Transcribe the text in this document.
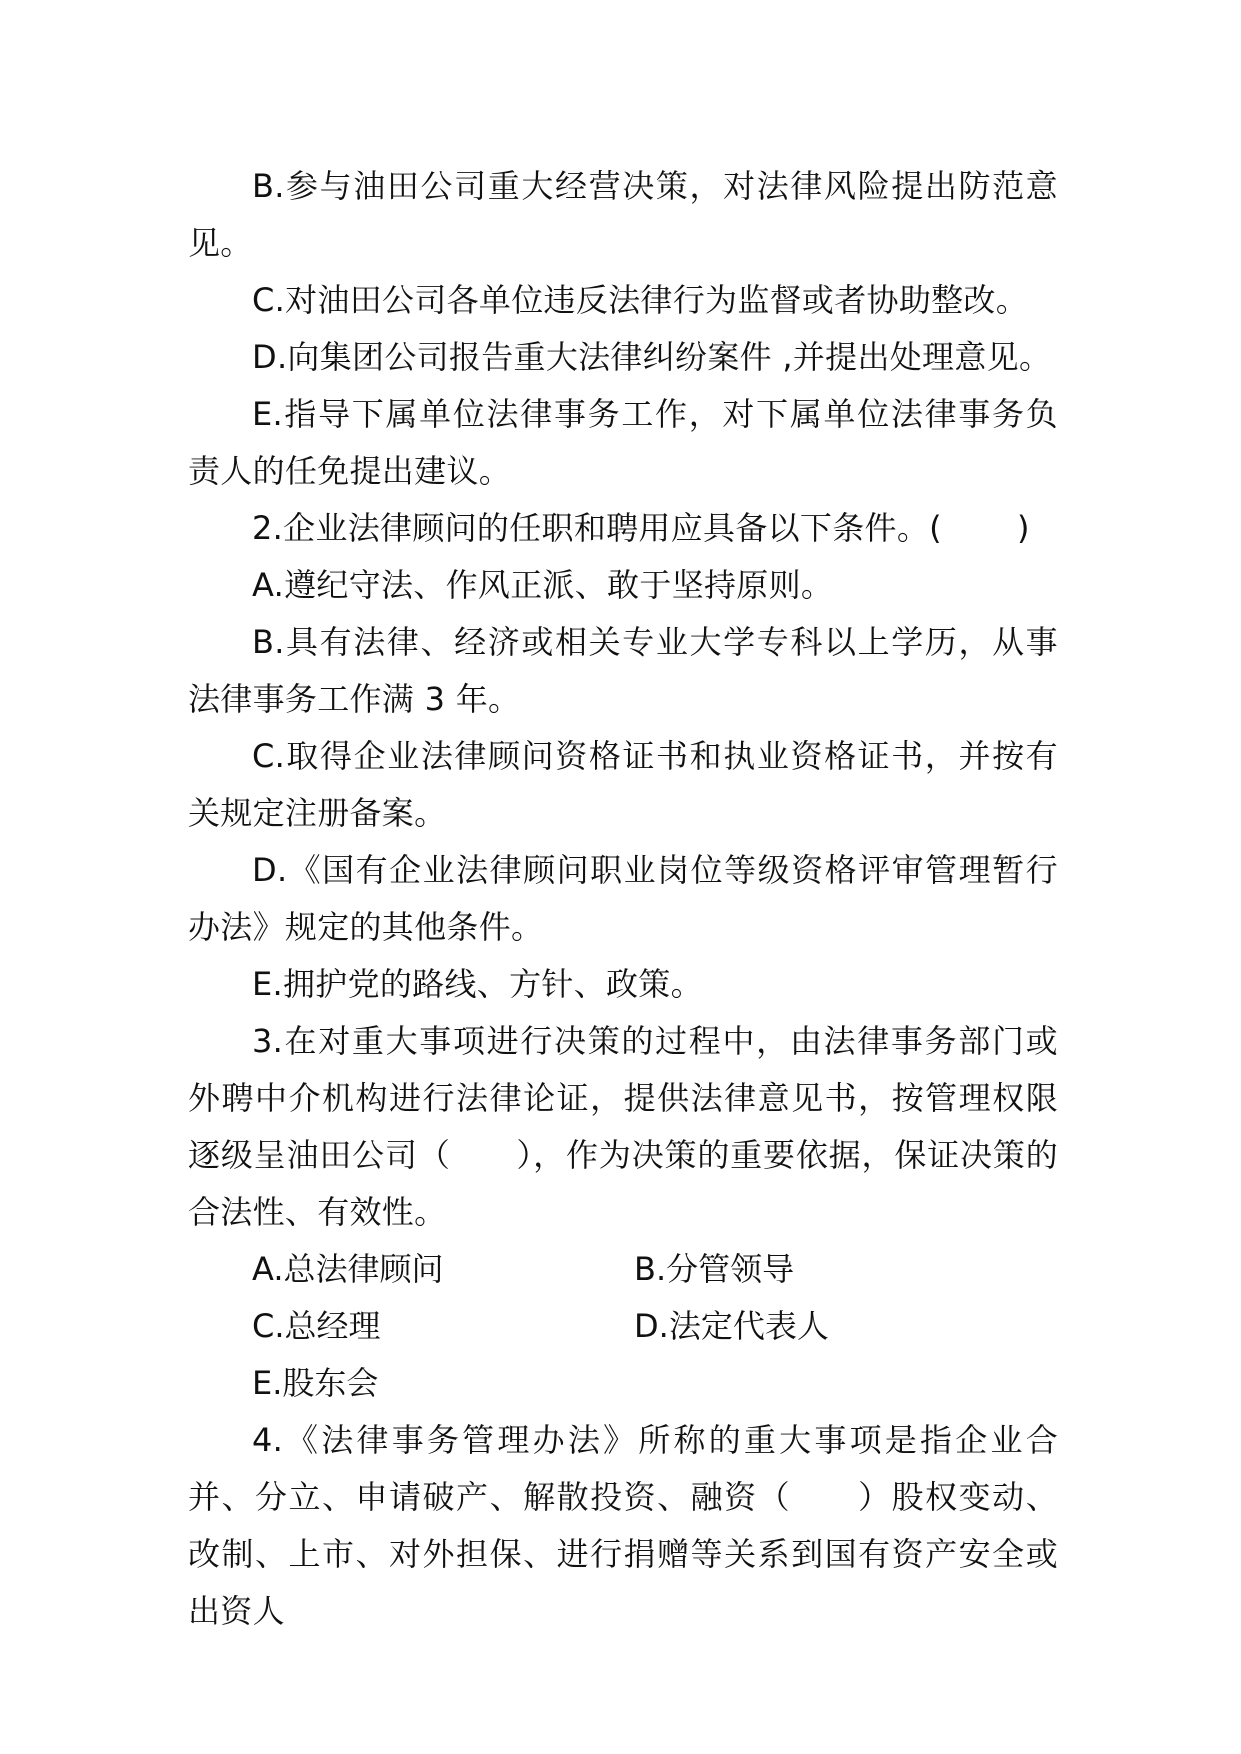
B.参与油田公司重大经营决策，对法律风险提出防范意见。

C.对油田公司各单位违反法律行为监督或者协助整改。

D.向集团公司报告重大法律纠纷案件 ,并提出处理意见。

E.指导下属单位法律事务工作，对下属单位法律事务负责人的任免提出建议。

2.企业法律顾问的任职和聘用应具备以下条件。(　　 )

A.遵纪守法、作风正派、敢于坚持原则。

B.具有法律、经济或相关专业大学专科以上学历，从事法律事务工作满 3 年。

C.取得企业法律顾问资格证书和执业资格证书，并按有关规定注册备案。

D.《国有企业法律顾问职业岗位等级资格评审管理暂行办法》规定的其他条件。

E.拥护党的路线、方针、政策。

3.在对重大事项进行决策的过程中，由法律事务部门或外聘中介机构进行法律论证，提供法律意见书，按管理权限逐级呈油田公司（　　），作为决策的重要依据，保证决策的合法性、有效性。

A.总法律顾问	B.分管领导
C.总经理	D.法定代表人
E.股东会

4.《法律事务管理办法》所称的重大事项是指企业合并、分立、申请破产、解散投资、融资（　　）股权变动、改制、上市、对外担保、进行捐赠等关系到国有资产安全或出资人
